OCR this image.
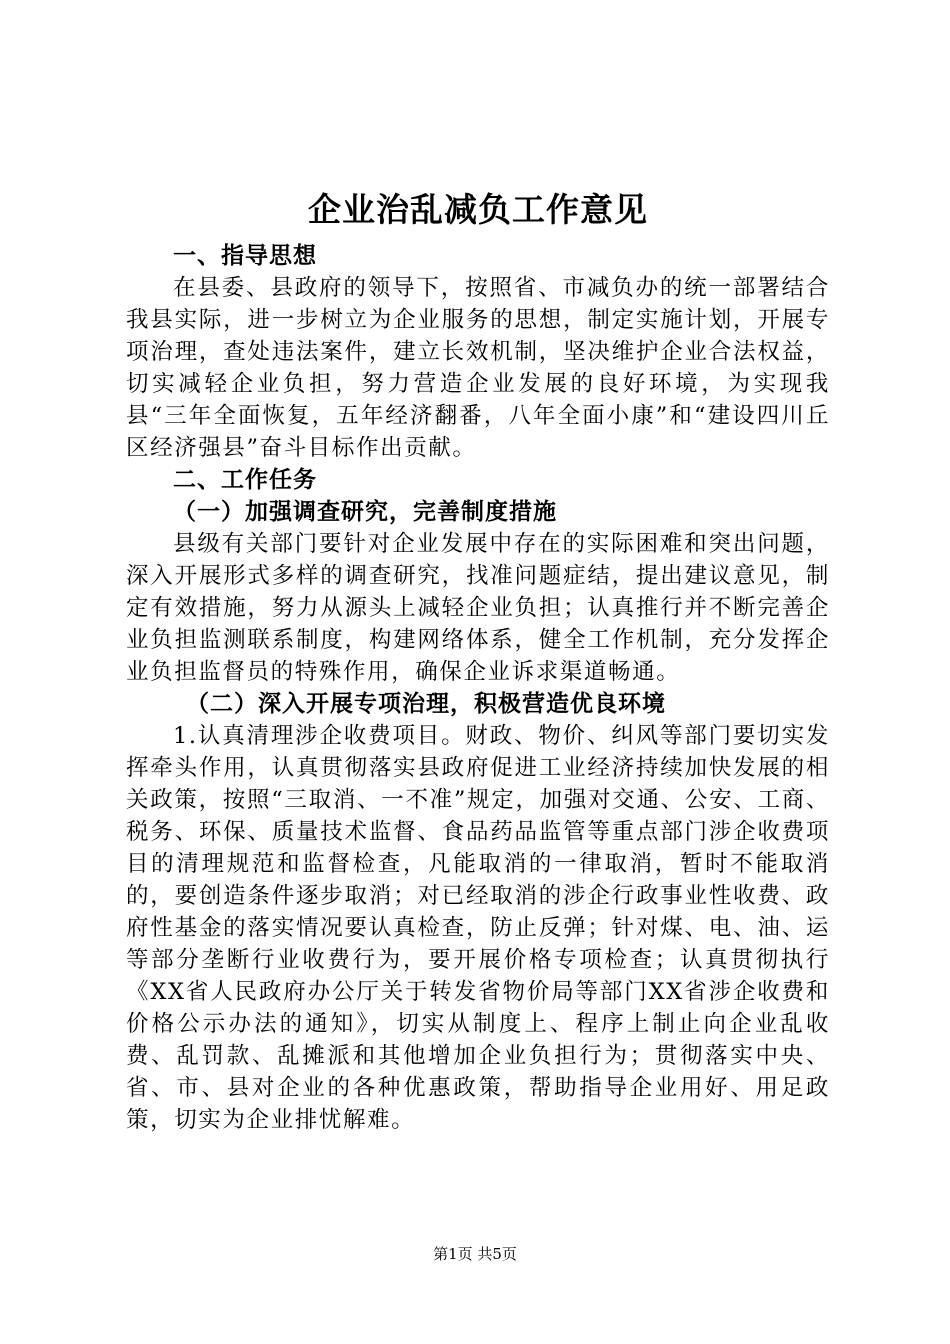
企业治乱减负工作意见

一、指导思想

在县委、县政府的领导下，按照省、市减负办的统一部署结合我县实际，进一步树立为企业服务的思想，制定实施计划，开展专项治理，查处违法案件，建立长效机制，坚决维护企业合法权益，切实减轻企业负担，努力营造企业发展的良好环境，为实现我县“三年全面恢复，五年经济翻番，八年全面小康”和“建设四川丘区经济强县”奋斗目标作出贡献。

二、工作任务

（一）加强调查研究，完善制度措施

县级有关部门要针对企业发展中存在的实际困难和突出问题，深入开展形式多样的调查研究，找准问题症结，提出建议意见，制定有效措施，努力从源头上减轻企业负担；认真推行并不断完善企业负担监测联系制度，构建网络体系，健全工作机制，充分发挥企业负担监督员的特殊作用，确保企业诉求渠道畅通。

（二）深入开展专项治理，积极营造优良环境

1.认真清理涉企收费项目。财政、物价、纠风等部门要切实发挥牵头作用，认真贯彻落实县政府促进工业经济持续加快发展的相关政策，按照“三取消、一不准”规定，加强对交通、公安、工商、税务、环保、质量技术监督、食品药品监管等重点部门涉企收费项目的清理规范和监督检查，凡能取消的一律取消，暂时不能取消的，要创造条件逐步取消；对已经取消的涉企行政事业性收费、政府性基金的落实情况要认真检查，防止反弹；针对煤、电、油、运等部分垄断行业收费行为，要开展价格专项检查；认真贯彻执行《XX省人民政府办公厅关于转发省物价局等部门XX省涉企收费和价格公示办法的通知》，切实从制度上、程序上制止向企业乱收费、乱罚款、乱摊派和其他增加企业负担行为；贯彻落实中央、省、市、县对企业的各种优惠政策，帮助指导企业用好、用足政策，切实为企业排忧解难。

第1页 共5页
